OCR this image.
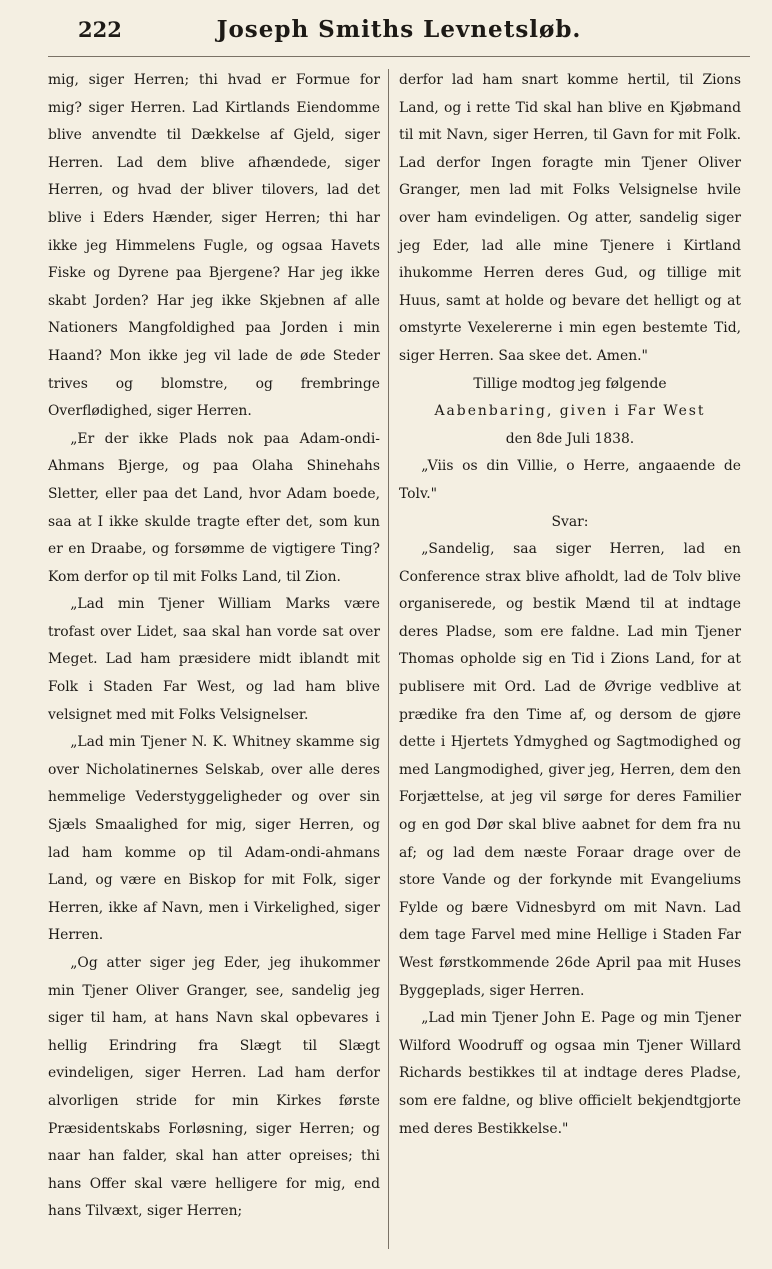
222	Joseph Smiths Levnetsløb.

mig, siger Herren; thi hvad er Formue for mig? siger Herren. Lad Kirtlands Eiendomme blive anvendte til Dækkelse af Gjeld, siger Herren. Lad dem blive afhændede, siger Herren, og hvad der bliver tilovers, lad det blive i Eders Hænder, siger Herren; thi har ikke jeg Himmelens Fugle, og ogsaa Havets Fiske og Dyrene paa Bjergene? Har jeg ikke skabt Jorden? Har jeg ikke Skjebnen af alle Nationers Mangfoldighed paa Jorden i min Haand? Mon ikke jeg vil lade de øde Steder trives og blomstre, og frembringe Overflødighed, siger Herren.

„Er der ikke Plads nok paa Adam-ondi-Ahmans Bjerge, og paa Olaha Shinehahs Sletter, eller paa det Land, hvor Adam boede, saa at I ikke skulde tragte efter det, som kun er en Draabe, og forsømme de vigtigere Ting? Kom derfor op til mit Folks Land, til Zion.

„Lad min Tjener William Marks være trofast over Lidet, saa skal han vorde sat over Meget. Lad ham præsidere midt iblandt mit Folk i Staden Far West, og lad ham blive velsignet med mit Folks Velsignelser.

„Lad min Tjener N. K. Whitney skamme sig over Nicholatinernes Selskab, over alle deres hemmelige Vederstyggeligheder og over sin Sjæls Smaalighed for mig, siger Herren, og lad ham komme op til Adam-ondi-ahmans Land, og være en Biskop for mit Folk, siger Herren, ikke af Navn, men i Virkelighed, siger Herren.

„Og atter siger jeg Eder, jeg ihukommer min Tjener Oliver Granger, see, sandelig jeg siger til ham, at hans Navn skal opbevares i hellig Erindring fra Slægt til Slægt evindeligen, siger Herren. Lad ham derfor alvorligen stride for min Kirkes første Præsidentskabs Forløsning, siger Herren; og naar han falder, skal han atter opreises; thi hans Offer skal være helligere for mig, end hans Tilvæxt, siger Herren;

derfor lad ham snart komme hertil, til Zions Land, og i rette Tid skal han blive en Kjøbmand til mit Navn, siger Herren, til Gavn for mit Folk. Lad derfor Ingen foragte min Tjener Oliver Granger, men lad mit Folks Velsignelse hvile over ham evindeligen. Og atter, sandelig siger jeg Eder, lad alle mine Tjenere i Kirtland ihukomme Herren deres Gud, og tillige mit Huus, samt at holde og bevare det helligt og at omstyrte Vexelererne i min egen bestemte Tid, siger Herren. Saa skee det. Amen."

Tillige modtog jeg følgende

Aabenbaring, given i Far West

den 8de Juli 1838.

„Viis os din Villie, o Herre, angaaende de Tolv."

Svar:

„Sandelig, saa siger Herren, lad en Conference strax blive afholdt, lad de Tolv blive organiserede, og bestik Mænd til at indtage deres Pladse, som ere faldne. Lad min Tjener Thomas opholde sig en Tid i Zions Land, for at publisere mit Ord. Lad de Øvrige vedblive at prædike fra den Time af, og dersom de gjøre dette i Hjertets Ydmyghed og Sagtmodighed og med Langmodighed, giver jeg, Herren, dem den Forjættelse, at jeg vil sørge for deres Familier og en god Dør skal blive aabnet for dem fra nu af; og lad dem næste Foraar drage over de store Vande og der forkynde mit Evangeliums Fylde og bære Vidnesbyrd om mit Navn. Lad dem tage Farvel med mine Hellige i Staden Far West førstkommende 26de April paa mit Huses Byggeplads, siger Herren.

„Lad min Tjener John E. Page og min Tjener Wilford Woodruff og ogsaa min Tjener Willard Richards bestikkes til at indtage deres Pladse, som ere faldne, og blive officielt bekjendtgjorte med deres Bestikkelse."
